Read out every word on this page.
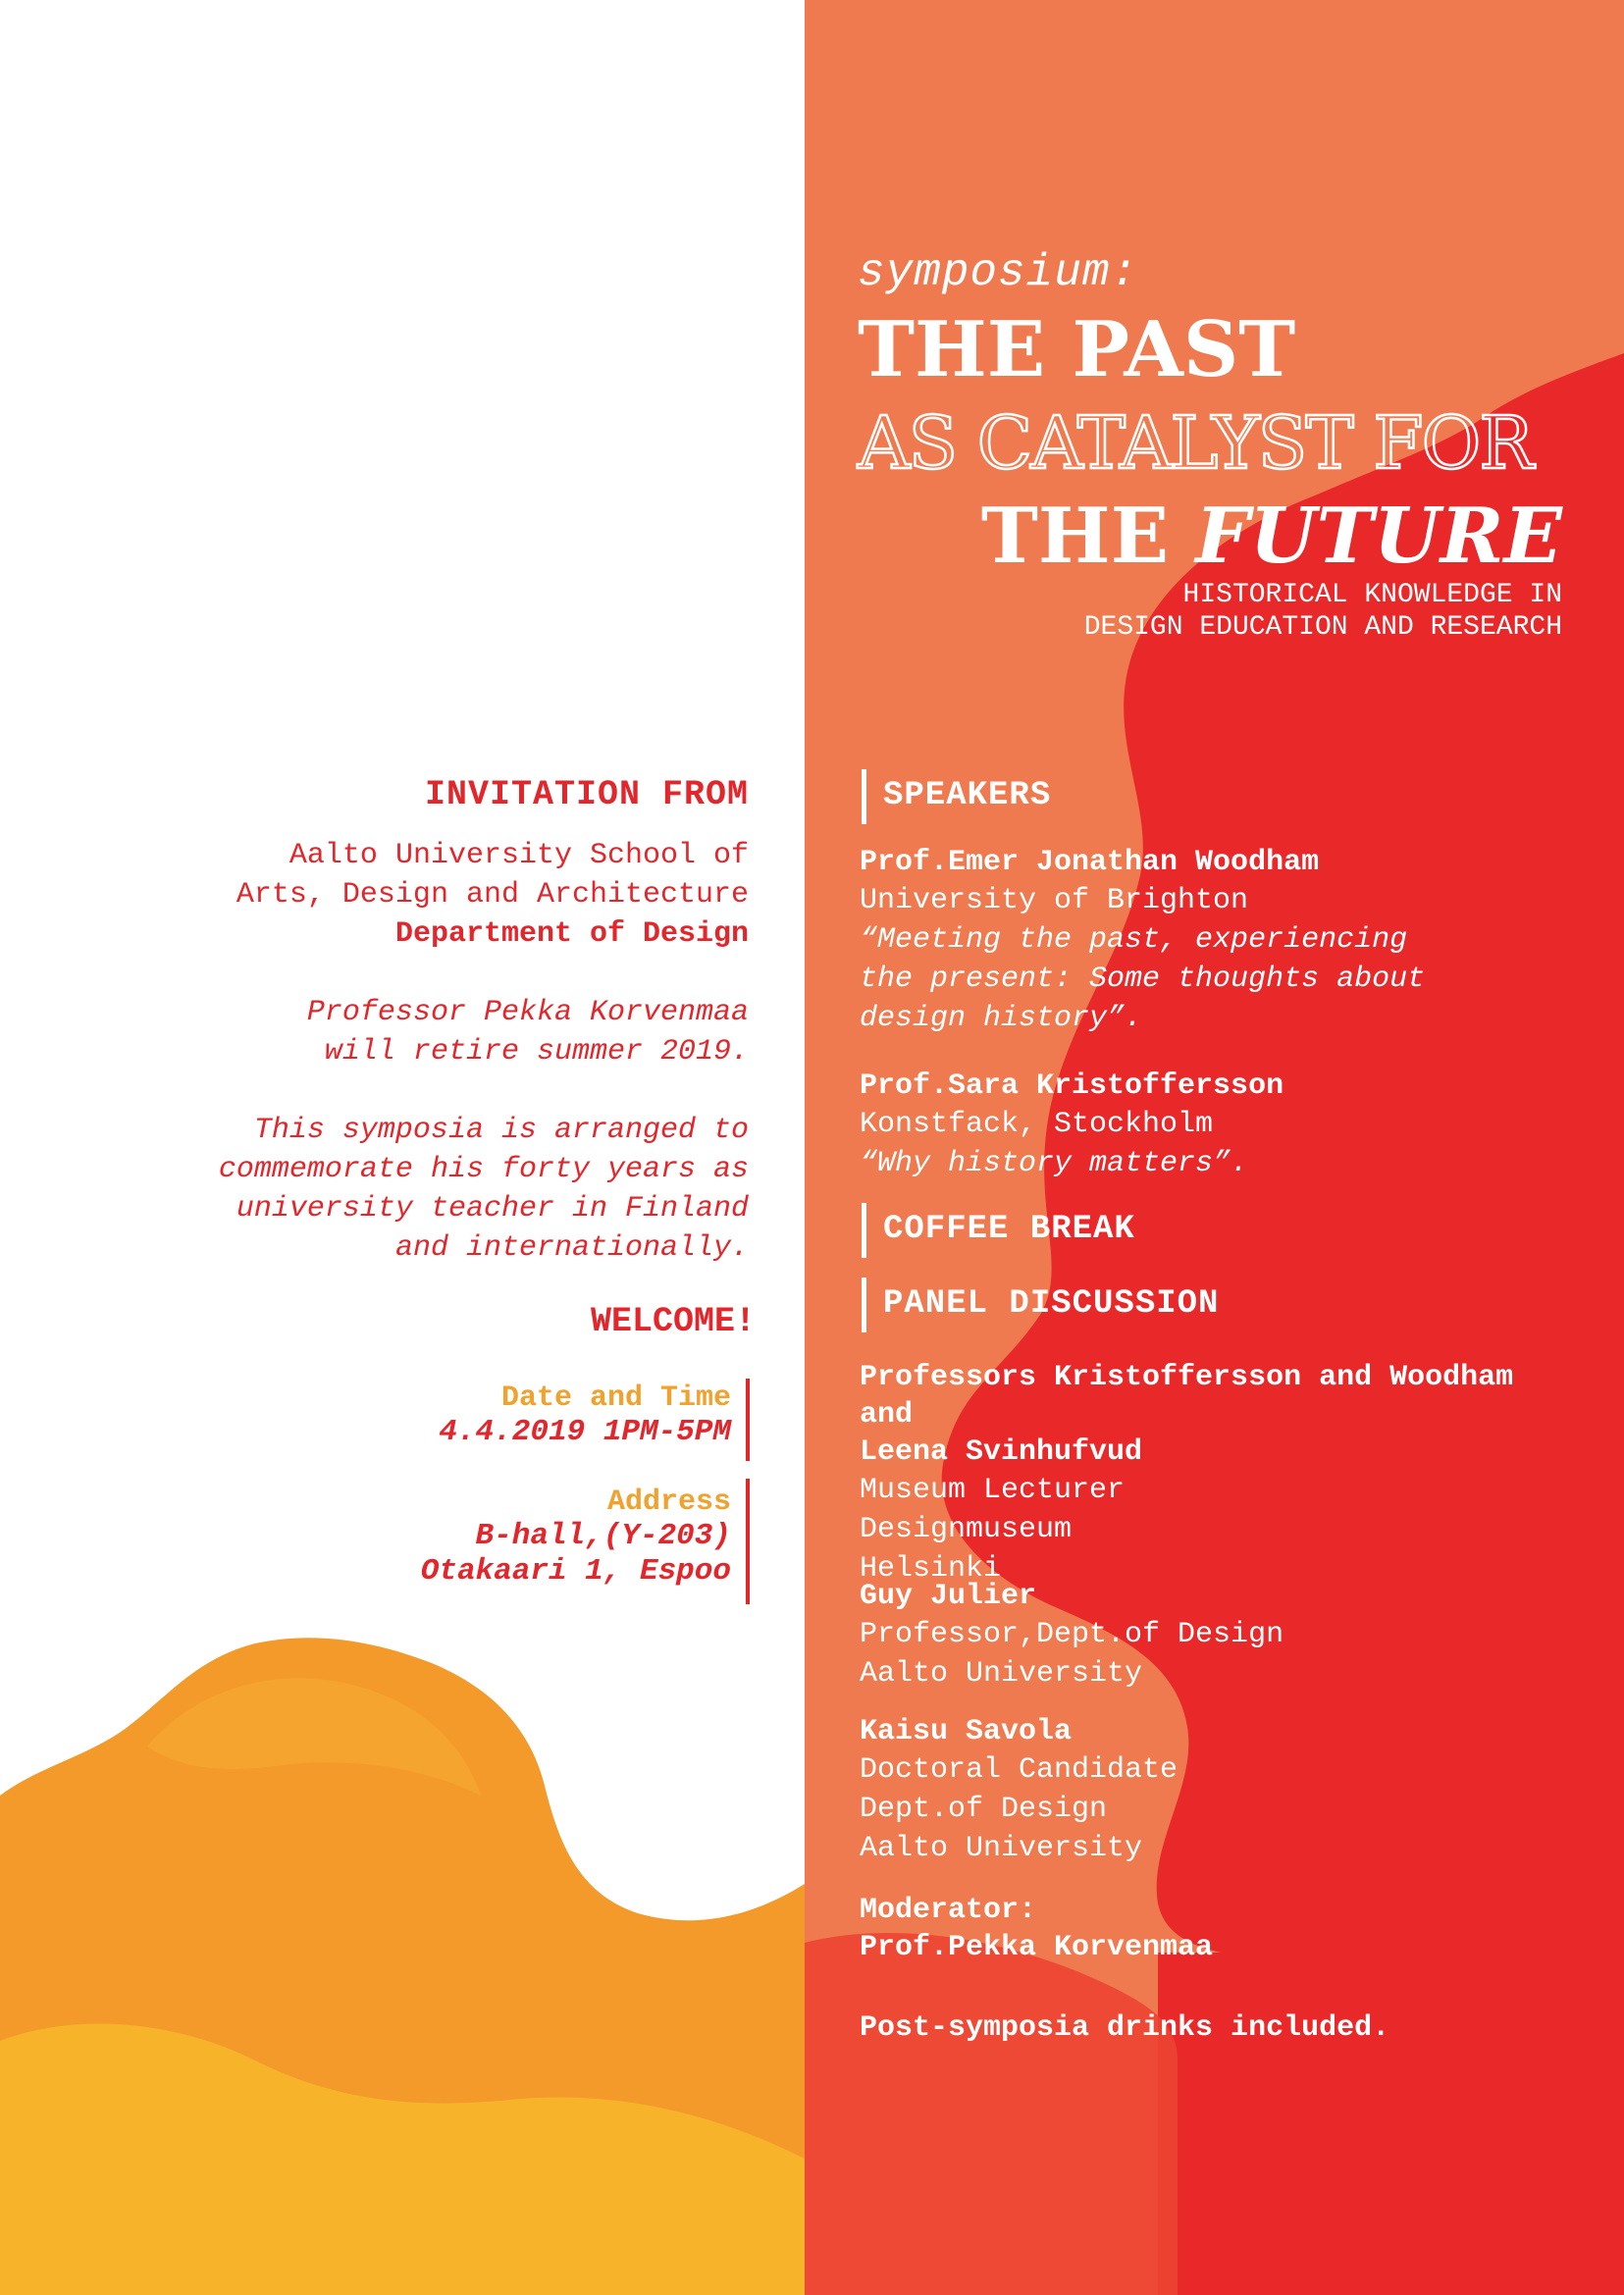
symposium:
THE PAST
AS CATALYST FOR
THE FUTURE
HISTORICAL KNOWLEDGE IN
DESIGN EDUCATION AND RESEARCH
INVITATION FROM
Aalto University School of
Arts, Design and Architecture
Department of Design
Professor Pekka Korvenmaa
will retire summer 2019.
This symposia is arranged to
commemorate his forty years as
university teacher in Finland
and internationally.
WELCOME!
Date and Time
4.4.2019 1PM-5PM
Address
B-hall,(Y-203)
Otakaari 1, Espoo
SPEAKERS
Prof.Emer Jonathan Woodham
University of Brighton
“Meeting the past, experiencing
the present: Some thoughts about
design history”.
Prof.Sara Kristoffersson
Konstfack, Stockholm
“Why history matters”.
COFFEE BREAK
PANEL DISCUSSION
Professors Kristoffersson and Woodham and
Leena Svinhufvud
Museum Lecturer
Designmuseum
Helsinki
Guy Julier
Professor,Dept.of Design
Aalto University
Kaisu Savola
Doctoral Candidate
Dept.of Design
Aalto University
Moderator:
Prof.Pekka Korvenmaa
Post-symposia drinks included.
